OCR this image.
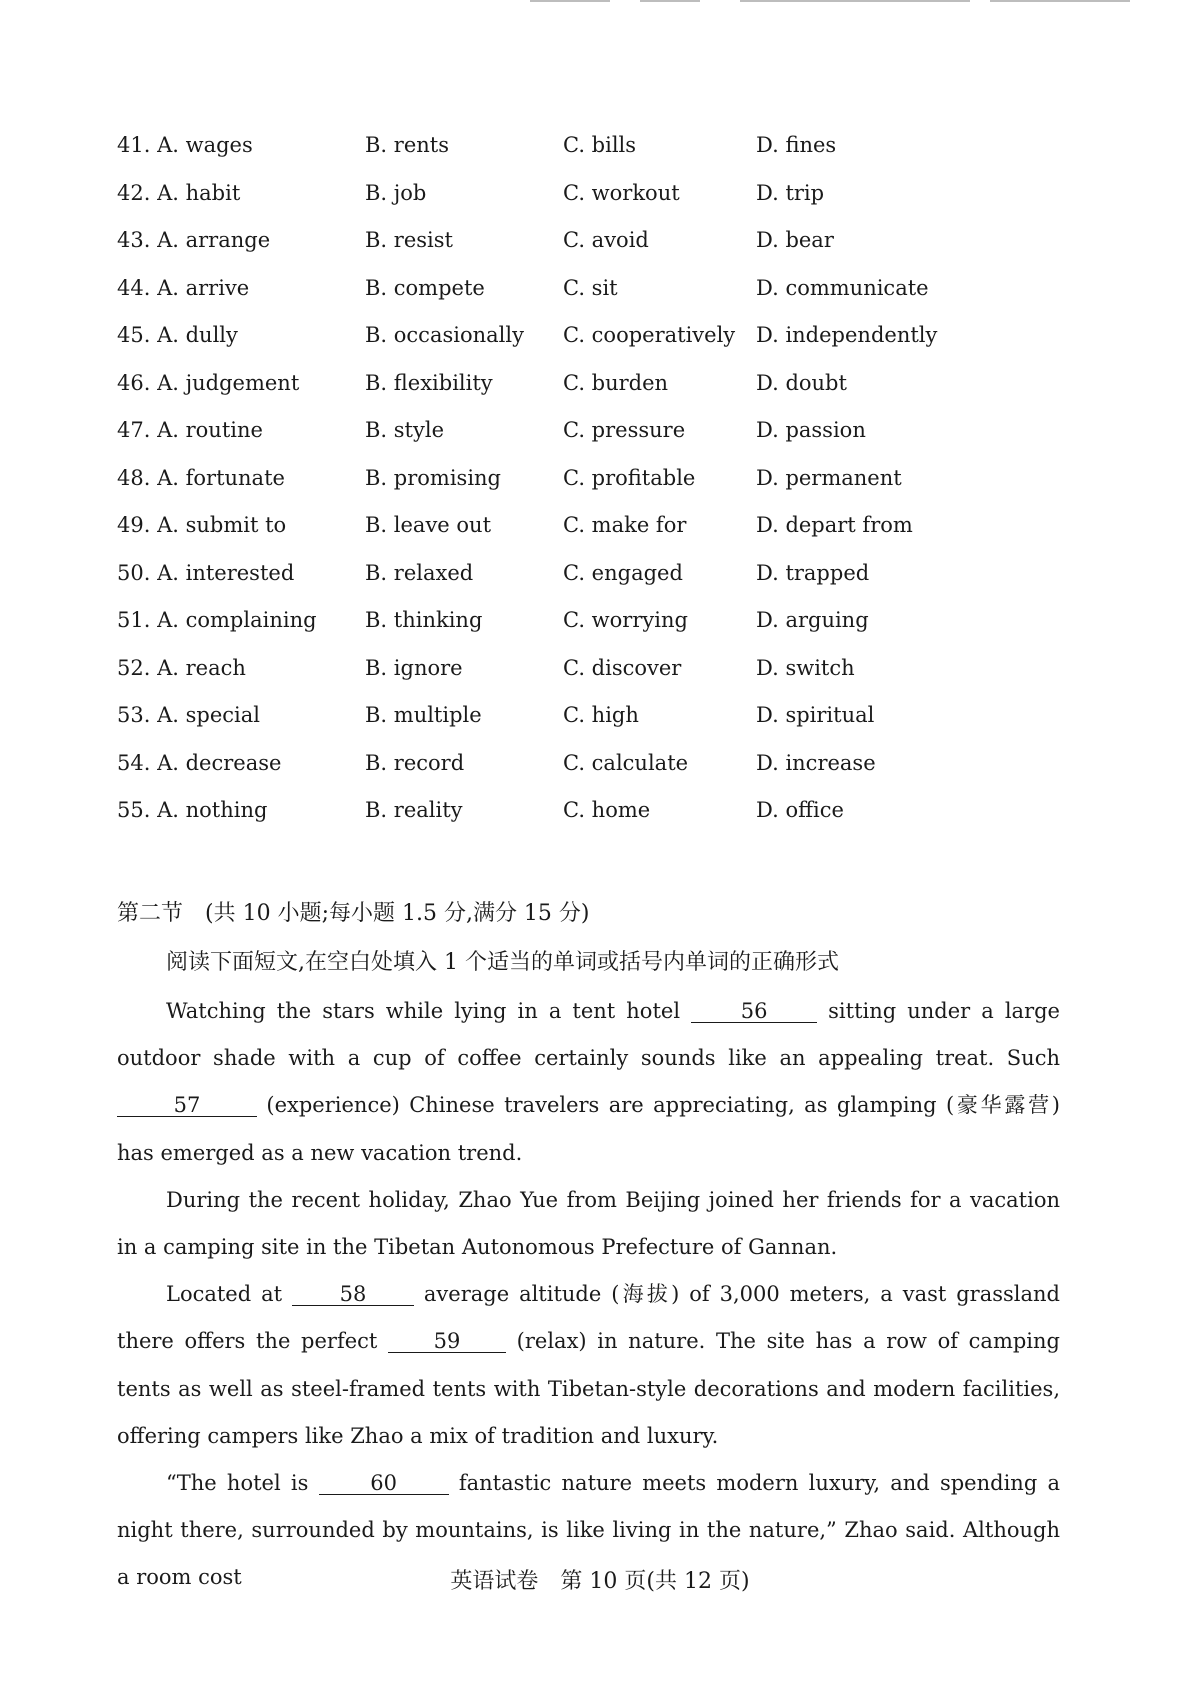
41. A. wages	B. rents	C. bills	D. fines
42. A. habit	B. job	C. workout	D. trip
43. A. arrange	B. resist	C. avoid	D. bear
44. A. arrive	B. compete	C. sit	D. communicate
45. A. dully	B. occasionally C. cooperatively D. independently
46. A. judgement	B. flexibility	C. burden	D. doubt
47. A. routine	B. style	C. pressure	D. passion
48. A. fortunate	B. promising	C. profitable	D. permanent
49. A. submit to	B. leave out	C. make for	D. depart from
50. A. interested	B. relaxed	C. engaged	D. trapped
51. A. complaining B. thinking	C. worrying	D. arguing
52. A. reach	B. ignore	C. discover	D. switch
53. A. special	B. multiple	C. high	D. spiritual
54. A. decrease	B. record	C. calculate	D. increase
55. A. nothing	B. reality	C. home	D. office
第二节　(共 10 小题;每小题 1.5 分,满分 15 分)
阅读下面短文,在空白处填入 1 个适当的单词或括号内单词的正确形式

Watching the stars while lying in a tent hotel 56 sitting under a large outdoor shade with a cup of coffee certainly sounds like an appealing treat. Such 57	(experience) Chinese travelers are appreciating, as glamping (豪华露营) has emerged as a new vacation trend.

During the recent holiday, Zhao Yue from Beijing joined her friends for a vacation in a camping site in the Tibetan Autonomous Prefecture of Gannan.

Located at 58 average altitude (海拔) of 3,000 meters, a vast grassland there offers the perfect 59 (relax) in nature. The site has a row of camping tents as well as steel-framed tents with Tibetan-style decorations and modern facilities, offering campers like Zhao a mix of tradition and luxury.

“The hotel is 60 fantastic nature meets modern luxury, and spending a night there, surrounded by mountains, is like living in the nature,” Zhao said. Although a room cost	英语试卷　第 10 页(共 12 页)
